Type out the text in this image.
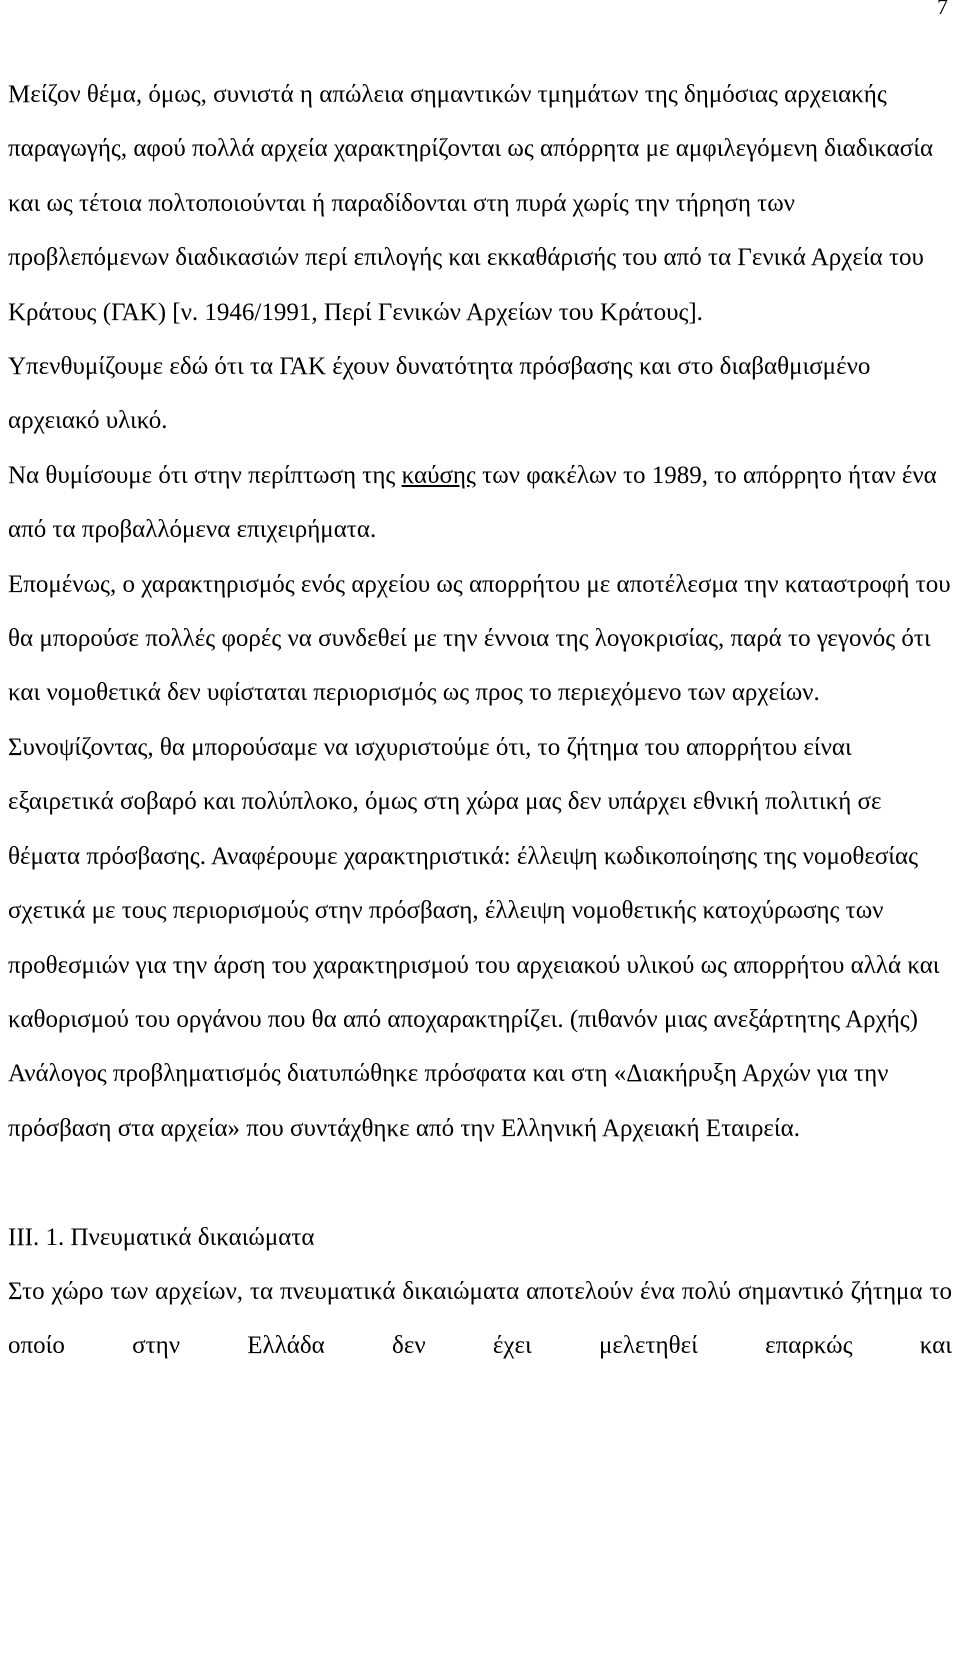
7

Μείζον θέμα, όμως, συνιστά η απώλεια σημαντικών τμημάτων της δημόσιας αρχειακής παραγωγής, αφού πολλά αρχεία χαρακτηρίζονται ως απόρρητα με αμφιλεγόμενη διαδικασία και ως τέτοια πολτοποιούνται ή παραδίδονται στη πυρά χωρίς την τήρηση των προβλεπόμενων διαδικασιών περί επιλογής και εκκαθάρισής του από τα Γενικά Αρχεία του Κράτους (ΓΑΚ) [ν. 1946/1991, Περί Γενικών Αρχείων του Κράτους].

Υπενθυμίζουμε εδώ ότι τα ΓΑΚ έχουν δυνατότητα πρόσβασης και στο διαβαθμισμένο αρχειακό υλικό.

Να θυμίσουμε ότι στην περίπτωση της καύσης των φακέλων το 1989, το απόρρητο ήταν ένα από τα προβαλλόμενα επιχειρήματα.

Επομένως, ο χαρακτηρισμός ενός αρχείου ως απορρήτου με αποτέλεσμα την καταστροφή του θα μπορούσε πολλές φορές να συνδεθεί με την έννοια της λογοκρισίας, παρά το γεγονός ότι και νομοθετικά δεν υφίσταται περιορισμός ως προς το περιεχόμενο των αρχείων.

Συνοψίζοντας, θα μπορούσαμε να ισχυριστούμε ότι, το ζήτημα του απορρήτου είναι εξαιρετικά σοβαρό και πολύπλοκο, όμως στη χώρα μας δεν υπάρχει εθνική πολιτική σε θέματα πρόσβασης. Αναφέρουμε χαρακτηριστικά: έλλειψη κωδικοποίησης της νομοθεσίας σχετικά με τους περιορισμούς στην πρόσβαση, έλλειψη νομοθετικής κατοχύρωσης των προθεσμιών για την άρση του χαρακτηρισμού του αρχειακού υλικού ως απορρήτου αλλά και καθορισμού του οργάνου που θα από αποχαρακτηρίζει. (πιθανόν μιας ανεξάρτητης Αρχής)

Ανάλογος προβληματισμός διατυπώθηκε πρόσφατα και στη «Διακήρυξη Αρχών για την πρόσβαση στα αρχεία» που συντάχθηκε από την Ελληνική Αρχειακή Εταιρεία.

ΙΙΙ. 1. Πνευματικά δικαιώματα

Στο χώρο των αρχείων, τα πνευματικά δικαιώματα αποτελούν ένα πολύ σημαντικό ζήτημα το οποίο στην Ελλάδα δεν έχει μελετηθεί επαρκώς και
